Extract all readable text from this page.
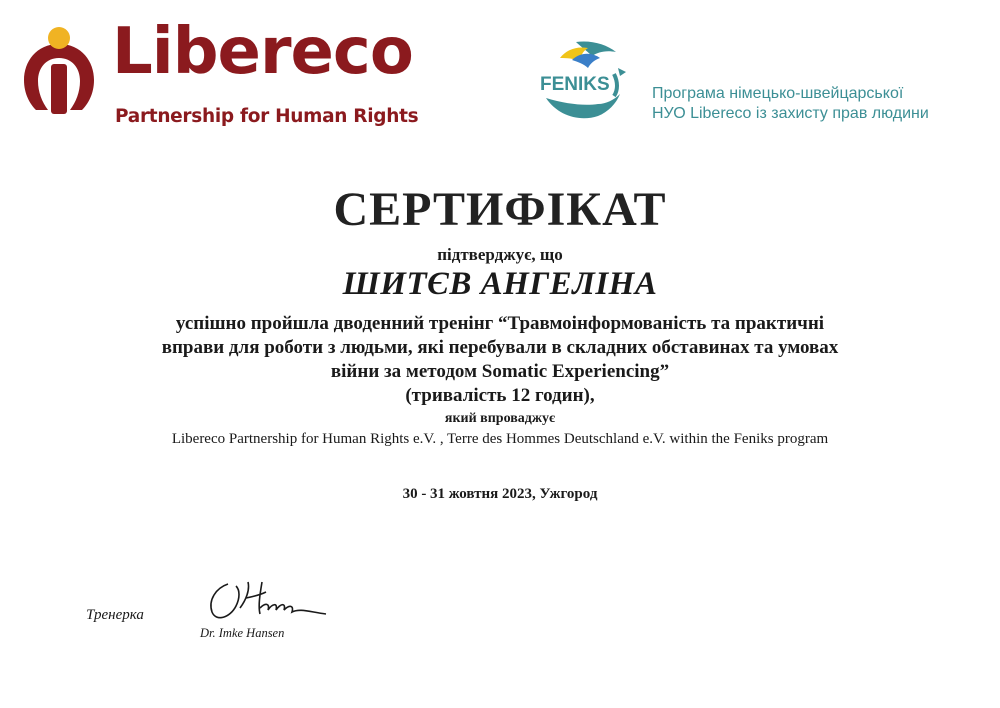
Libereco
Partnership for Human Rights
FENIKS	Програма німецько-швейцарської
НУО Libereco із захисту прав людини
СЕРТИФІКАТ
підтверджує, що
ШИТЄВ АНГЕЛІНА
успішно пройшла дводенний тренінг “Травмоінформованість та практичні
вправи для роботи з людьми, які перебували в складних обставинах та умовах
війни за методом Somatic Experiencing”
(тривалість 12 годин),
який впроваджує
Libereco Partnership for Human Rights e.V. , Terre des Hommes Deutschland e.V. within the Feniks program
30 - 31 жовтня 2023, Ужгород
Тренерка
Dr. Imke Hansen
